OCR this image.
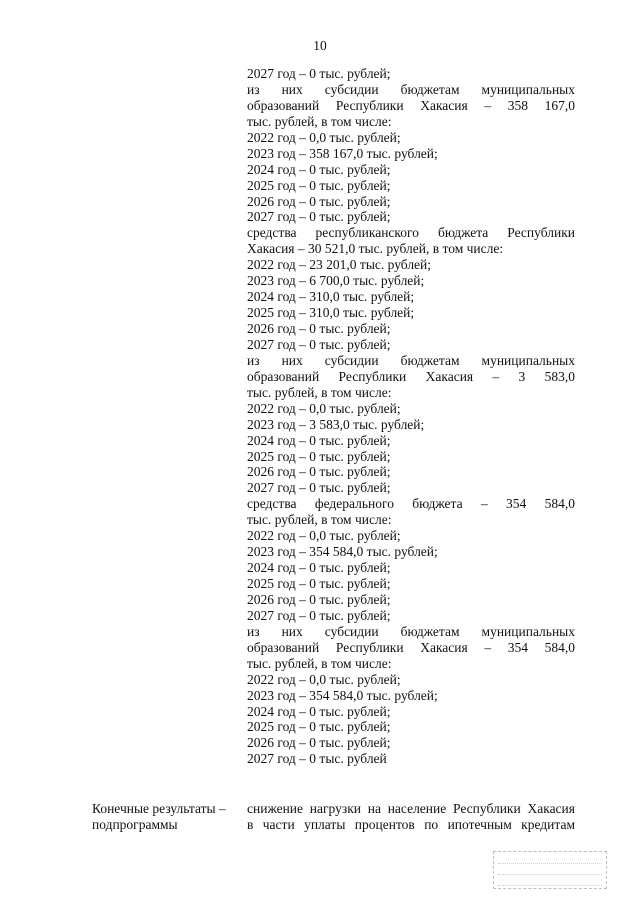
10
2027 год – 0 тыс. рублей;
из них субсидии бюджетам муниципальных
образований Республики Хакасия – 358 167,0
тыс. рублей, в том числе:
2022 год – 0,0 тыс. рублей;
2023 год – 358 167,0 тыс. рублей;
2024 год – 0 тыс. рублей;
2025 год – 0 тыс. рублей;
2026 год – 0 тыс. рублей;
2027 год – 0 тыс. рублей;
средства республиканского бюджета Республики
Хакасия – 30 521,0 тыс. рублей, в том числе:
2022 год – 23 201,0 тыс. рублей;
2023 год – 6 700,0 тыс. рублей;
2024 год – 310,0 тыс. рублей;
2025 год – 310,0 тыс. рублей;
2026 год – 0 тыс. рублей;
2027 год – 0 тыс. рублей;
из них субсидии бюджетам муниципальных
образований Республики Хакасия – 3 583,0
тыс. рублей, в том числе:
2022 год – 0,0 тыс. рублей;
2023 год – 3 583,0 тыс. рублей;
2024 год – 0 тыс. рублей;
2025 год – 0 тыс. рублей;
2026 год – 0 тыс. рублей;
2027 год – 0 тыс. рублей;
средства федерального бюджета – 354 584,0
тыс. рублей, в том числе:
2022 год – 0,0 тыс. рублей;
2023 год – 354 584,0 тыс. рублей;
2024 год – 0 тыс. рублей;
2025 год – 0 тыс. рублей;
2026 год – 0 тыс. рублей;
2027 год – 0 тыс. рублей;
из них субсидии бюджетам муниципальных
образований Республики Хакасия – 354 584,0
тыс. рублей, в том числе:
2022 год – 0,0 тыс. рублей;
2023 год – 354 584,0 тыс. рублей;
2024 год – 0 тыс. рублей;
2025 год – 0 тыс. рублей;
2026 год – 0 тыс. рублей;
2027 год – 0 тыс. рублей
Конечные результаты –
подпрограммы
снижение нагрузки на население Республики Хакасия
в части уплаты процентов по ипотечным кредитам
